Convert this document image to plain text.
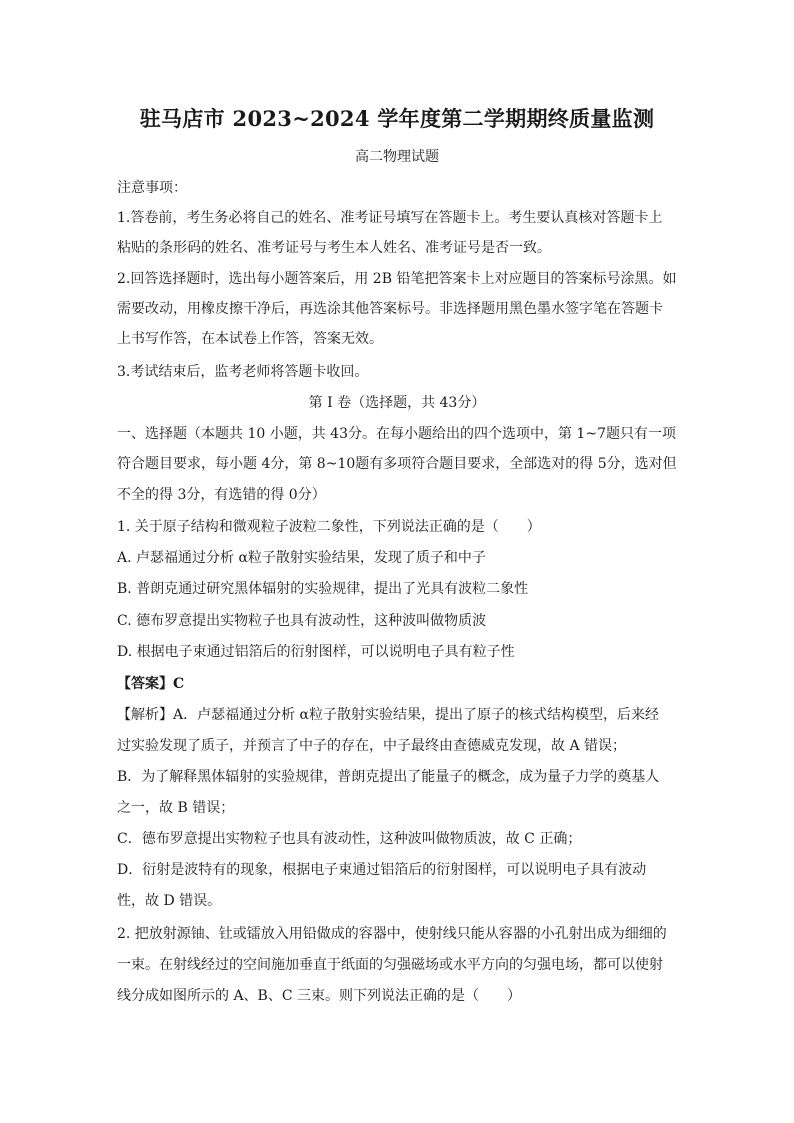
驻马店市 2023~2024 学年度第二学期期终质量监测
高二物理试题
注意事项：
1.答卷前，考生务必将自己的姓名、准考证号填写在答题卡上。考生要认真核对答题卡上
粘贴的条形码的姓名、准考证号与考生本人姓名、准考证号是否一致。
2.回答选择题时，选出每小题答案后，用 2B 铅笔把答案卡上对应题目的答案标号涂黑。如
需要改动，用橡皮擦干净后，再选涂其他答案标号。非选择题用黑色墨水签字笔在答题卡
上书写作答，在本试卷上作答，答案无效。
3.考试结束后，监考老师将答题卡收回。
第 I 卷（选择题，共 43分）
一、选择题（本题共 10 小题，共 43分。在每小题给出的四个选项中，第 1~7题只有一项
符合题目要求，每小题 4分，第 8~10题有多项符合题目要求，全部选对的得 5分，选对但
不全的得 3分，有选错的得 0分）
1. 关于原子结构和微观粒子波粒二象性，下列说法正确的是（　　）
A. 卢瑟福通过分析 α粒子散射实验结果，发现了质子和中子
B. 普朗克通过研究黑体辐射的实验规律，提出了光具有波粒二象性
C. 德布罗意提出实物粒子也具有波动性，这种波叫做物质波
D. 根据电子束通过铝箔后的衍射图样，可以说明电子具有粒子性
【答案】C
【解析】A．卢瑟福通过分析 α粒子散射实验结果，提出了原子的核式结构模型，后来经
过实验发现了质子，并预言了中子的存在，中子最终由查德威克发现，故 A 错误；
B．为了解释黑体辐射的实验规律，普朗克提出了能量子的概念，成为量子力学的奠基人
之一，故 B 错误；
C．德布罗意提出实物粒子也具有波动性，这种波叫做物质波，故 C 正确；
D．衍射是波特有的现象，根据电子束通过铝箔后的衍射图样，可以说明电子具有波动
性，故 D 错误。
2. 把放射源铀、钍或镭放入用铅做成的容器中，使射线只能从容器的小孔射出成为细细的
一束。在射线经过的空间施加垂直于纸面的匀强磁场或水平方向的匀强电场，都可以使射
线分成如图所示的 A、B、C 三束。则下列说法正确的是（　　）
